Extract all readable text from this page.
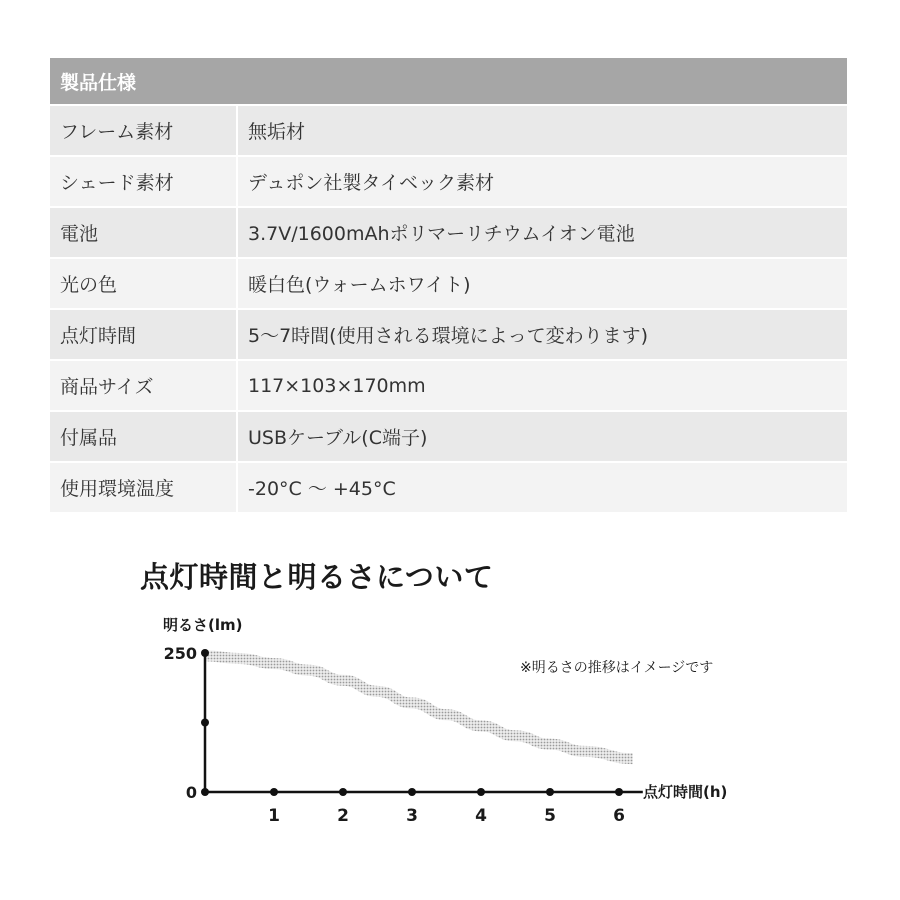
製品仕様	
フレーム素材	無垢材
シェード素材	デュポン社製タイベック素材
電池	3.7V/1600mAhポリマーリチウムイオン電池
光の色	暖白色(ウォームホワイト)
点灯時間	5〜7時間(使用される環境によって変わります)
商品サイズ	117×103×170mm
付属品	USBケーブル(C端子)
使用環境温度	-20°C 〜 +45°C
点灯時間と明るさについて
0
250
1	2	3	4	5	6
明るさ(lm)
点灯時間(h)
※明るさの推移はイメージです
